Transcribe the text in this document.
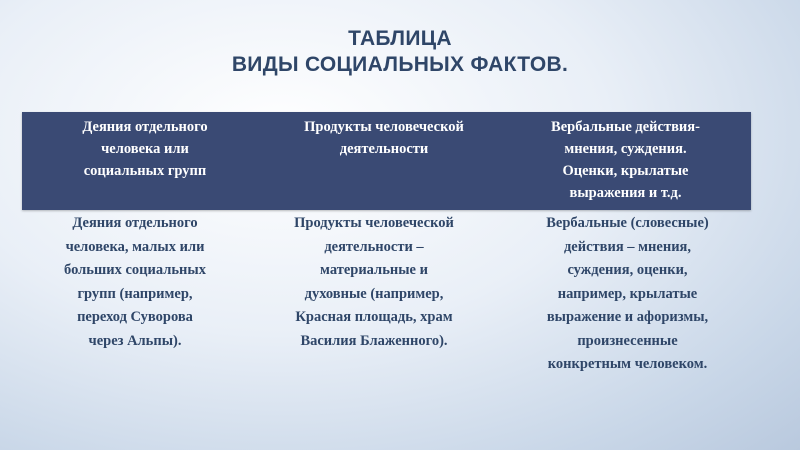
ТАБЛИЦА
ВИДЫ СОЦИАЛЬНЫХ ФАКТОВ.
Деяния отдельного
человека или
социальных групп
Продукты человеческой
деятельности
Вербальные действия-
мнения, суждения.
Оценки, крылатые
выражения и т.д.
Деяния отдельного
человека, малых или
больших социальных
групп (например,
переход Суворова
через Альпы).
Продукты человеческой
деятельности –
материальные и
духовные (например,
Красная площадь, храм
Василия Блаженного).
Вербальные (словесные)
действия – мнения,
суждения, оценки,
например, крылатые
выражение и афоризмы,
произнесенные
конкретным человеком.
